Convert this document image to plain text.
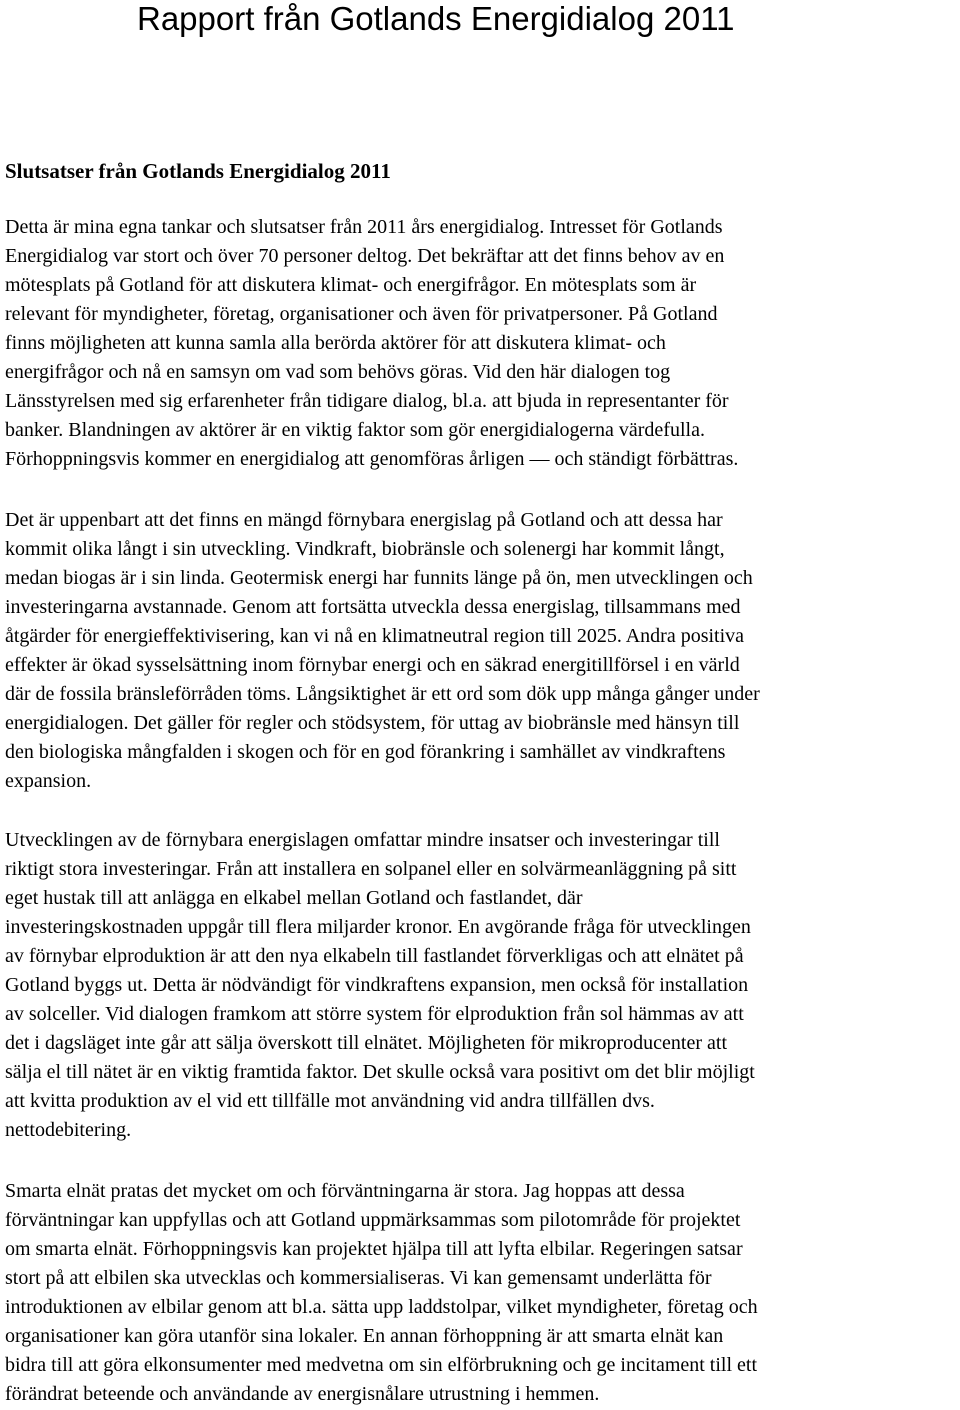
Rapport från Gotlands Energidialog 2011
Slutsatser från Gotlands Energidialog 2011

Detta är mina egna tankar och slutsatser från 2011 års energidialog. Intresset för Gotlands
Energidialog var stort och över 70 personer deltog. Det bekräftar att det finns behov av en
mötesplats på Gotland för att diskutera klimat- och energifrågor. En mötesplats som är
relevant för myndigheter, företag, organisationer och även för privatpersoner. På Gotland
finns möjligheten att kunna samla alla berörda aktörer för att diskutera klimat- och
energifrågor och nå en samsyn om vad som behövs göras. Vid den här dialogen tog
Länsstyrelsen med sig erfarenheter från tidigare dialog, bl.a. att bjuda in representanter för
banker. Blandningen av aktörer är en viktig faktor som gör energidialogerna värdefulla.
Förhoppningsvis kommer en energidialog att genomföras årligen — och ständigt förbättras.

Det är uppenbart att det finns en mängd förnybara energislag på Gotland och att dessa har
kommit olika långt i sin utveckling. Vindkraft, biobränsle och solenergi har kommit långt,
medan biogas är i sin linda. Geotermisk energi har funnits länge på ön, men utvecklingen och
investeringarna avstannade. Genom att fortsätta utveckla dessa energislag, tillsammans med
åtgärder för energieffektivisering, kan vi nå en klimatneutral region till 2025. Andra positiva
effekter är ökad sysselsättning inom förnybar energi och en säkrad energitillförsel i en värld
där de fossila bränsleförråden töms. Långsiktighet är ett ord som dök upp många gånger under
energidialogen. Det gäller för regler och stödsystem, för uttag av biobränsle med hänsyn till
den biologiska mångfalden i skogen och för en god förankring i samhället av vindkraftens
expansion.

Utvecklingen av de förnybara energislagen omfattar mindre insatser och investeringar till
riktigt stora investeringar. Från att installera en solpanel eller en solvärmeanläggning på sitt
eget hustak till att anlägga en elkabel mellan Gotland och fastlandet, där
investeringskostnaden uppgår till flera miljarder kronor. En avgörande fråga för utvecklingen
av förnybar elproduktion är att den nya elkabeln till fastlandet förverkligas och att elnätet på
Gotland byggs ut. Detta är nödvändigt för vindkraftens expansion, men också för installation
av solceller. Vid dialogen framkom att större system för elproduktion från sol hämmas av att
det i dagsläget inte går att sälja överskott till elnätet. Möjligheten för mikroproducenter att
sälja el till nätet är en viktig framtida faktor. Det skulle också vara positivt om det blir möjligt
att kvitta produktion av el vid ett tillfälle mot användning vid andra tillfällen dvs.
nettodebitering.

Smarta elnät pratas det mycket om och förväntningarna är stora. Jag hoppas att dessa
förväntningar kan uppfyllas och att Gotland uppmärksammas som pilotområde för projektet
om smarta elnät. Förhoppningsvis kan projektet hjälpa till att lyfta elbilar. Regeringen satsar
stort på att elbilen ska utvecklas och kommersialiseras. Vi kan gemensamt underlätta för
introduktionen av elbilar genom att bl.a. sätta upp laddstolpar, vilket myndigheter, företag och
organisationer kan göra utanför sina lokaler. En annan förhoppning är att smarta elnät kan
bidra till att göra elkonsumenter med medvetna om sin elförbrukning och ge incitament till ett
förändrat beteende och användande av energisnålare utrustning i hemmen.
